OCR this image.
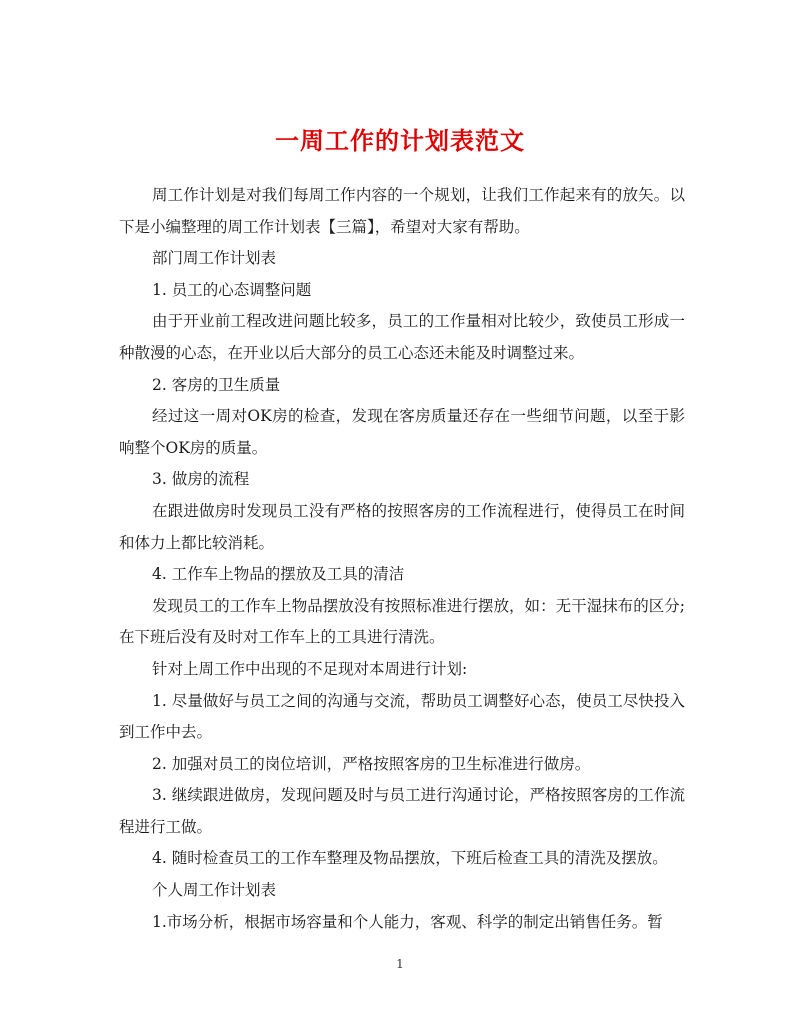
一周工作的计划表范文

周工作计划是对我们每周工作内容的一个规划，让我们工作起来有的放矢。以下是小编整理的周工作计划表【三篇】，希望对大家有帮助。

部门周工作计划表

1. 员工的心态调整问题

由于开业前工程改进问题比较多，员工的工作量相对比较少，致使员工形成一种散漫的心态，在开业以后大部分的员工心态还未能及时调整过来。

2. 客房的卫生质量

经过这一周对OK房的检查，发现在客房质量还存在一些细节问题，以至于影响整个OK房的质量。

3. 做房的流程

在跟进做房时发现员工没有严格的按照客房的工作流程进行，使得员工在时间和体力上都比较消耗。

4. 工作车上物品的摆放及工具的清洁

发现员工的工作车上物品摆放没有按照标准进行摆放，如：无干湿抹布的区分;在下班后没有及时对工作车上的工具进行清洗。

针对上周工作中出现的不足现对本周进行计划:

1. 尽量做好与员工之间的沟通与交流，帮助员工调整好心态，使员工尽快投入到工作中去。

2. 加强对员工的岗位培训，严格按照客房的卫生标准进行做房。

3. 继续跟进做房，发现问题及时与员工进行沟通讨论，严格按照客房的工作流程进行工做。

4. 随时检查员工的工作车整理及物品摆放，下班后检查工具的清洗及摆放。

个人周工作计划表

1.市场分析，根据市场容量和个人能力，客观、科学的制定出销售任务。暂

1
